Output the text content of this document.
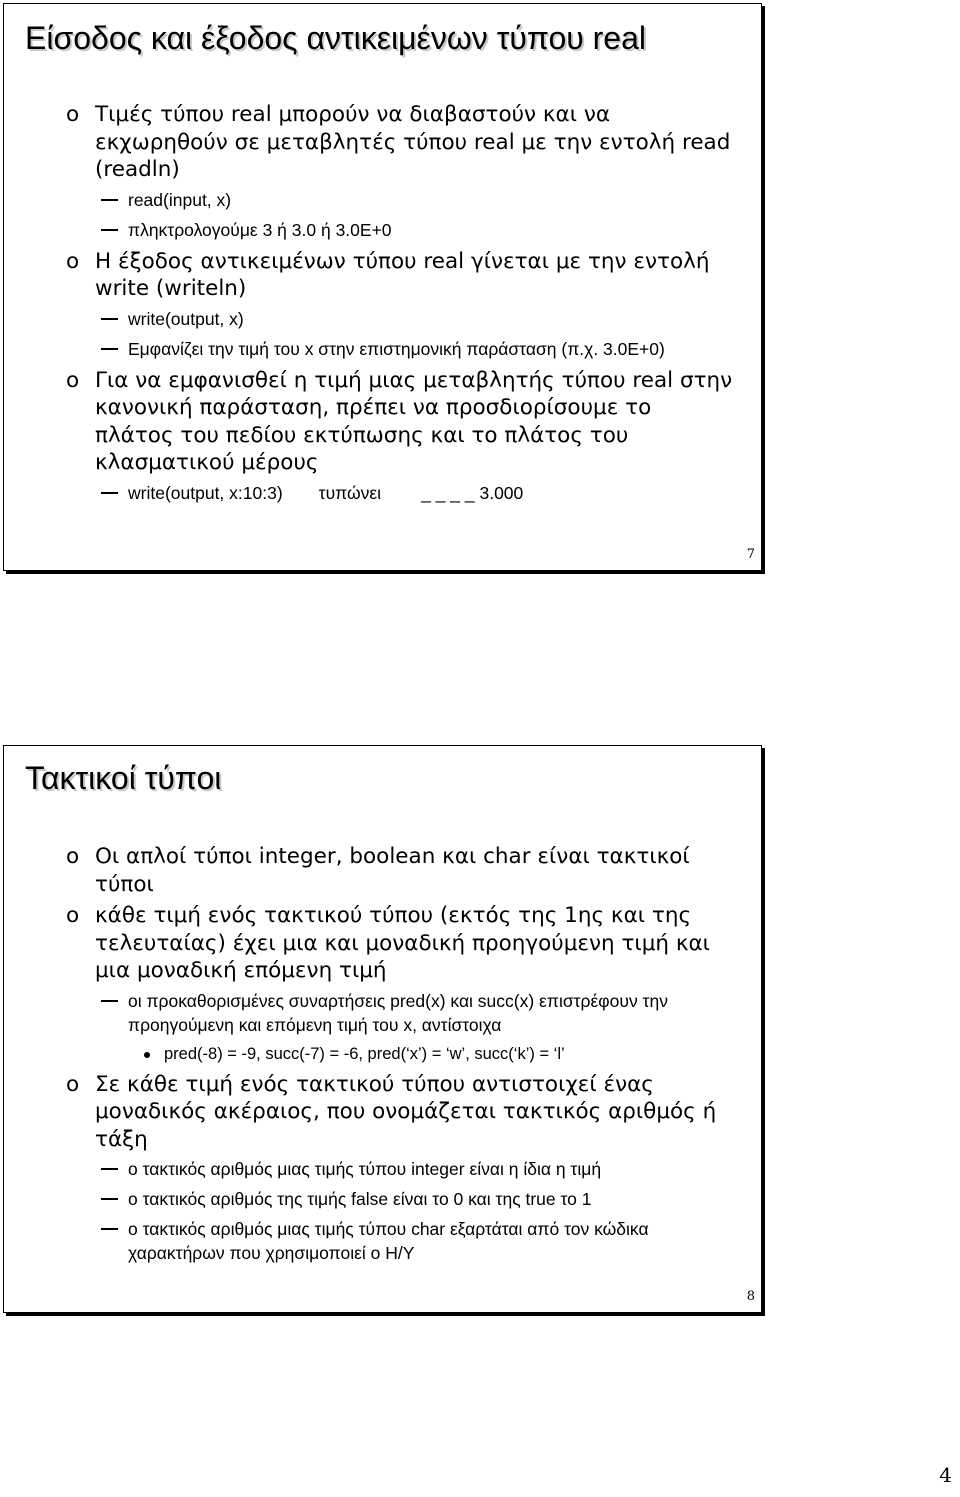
Είσοδος και έξοδος αντικειμένων τύπου real
o Τιμές τύπου real μπορούν να διαβαστούν και να εκχωρηθούν σε μεταβλητές τύπου real με την εντολή read (readln)
read(input, x)
πληκτρολογούμε 3 ή 3.0 ή 3.0E+0
o Η έξοδος αντικειμένων τύπου real γίνεται με την εντολή write (writeln)
write(output, x)
Εμφανίζει την τιμή του x στην επιστημονική παράσταση (π.χ. 3.0E+0)
o Για να εμφανισθεί η τιμή μιας μεταβλητής τύπου real στην κανονική παράσταση, πρέπει να προσδιορίσουμε το πλάτος του πεδίου εκτύπωσης και το πλάτος του κλασματικού μέρους
write(output, x:10:3) τυπώνει _ _ _ _ 3.000
7
Τακτικοί τύποι
o Οι απλοί τύποι integer, boolean και char είναι τακτικοί τύποι
o κάθε τιμή ενός τακτικού τύπου (εκτός της 1ης και της τελευταίας) έχει μια και μοναδική προηγούμενη τιμή και μια μοναδική επόμενη τιμή
οι προκαθορισμένες συναρτήσεις pred(x) και succ(x) επιστρέφουν την προηγούμενη και επόμενη τιμή του x, αντίστοιχα
pred(-8) = -9, succ(-7) = -6, pred(‘x’) = ‘w’, succ(‘k’) = ‘l’
o Σε κάθε τιμή ενός τακτικού τύπου αντιστοιχεί ένας μοναδικός ακέραιος, που ονομάζεται τακτικός αριθμός ή τάξη
ο τακτικός αριθμός μιας τιμής τύπου integer είναι η ίδια η τιμή
ο τακτικός αριθμός της τιμής false είναι το 0 και της true το 1
ο τακτικός αριθμός μιας τιμής τύπου char εξαρτάται από τον κώδικα χαρακτήρων που χρησιμοποιεί ο Η/Υ
8
4
